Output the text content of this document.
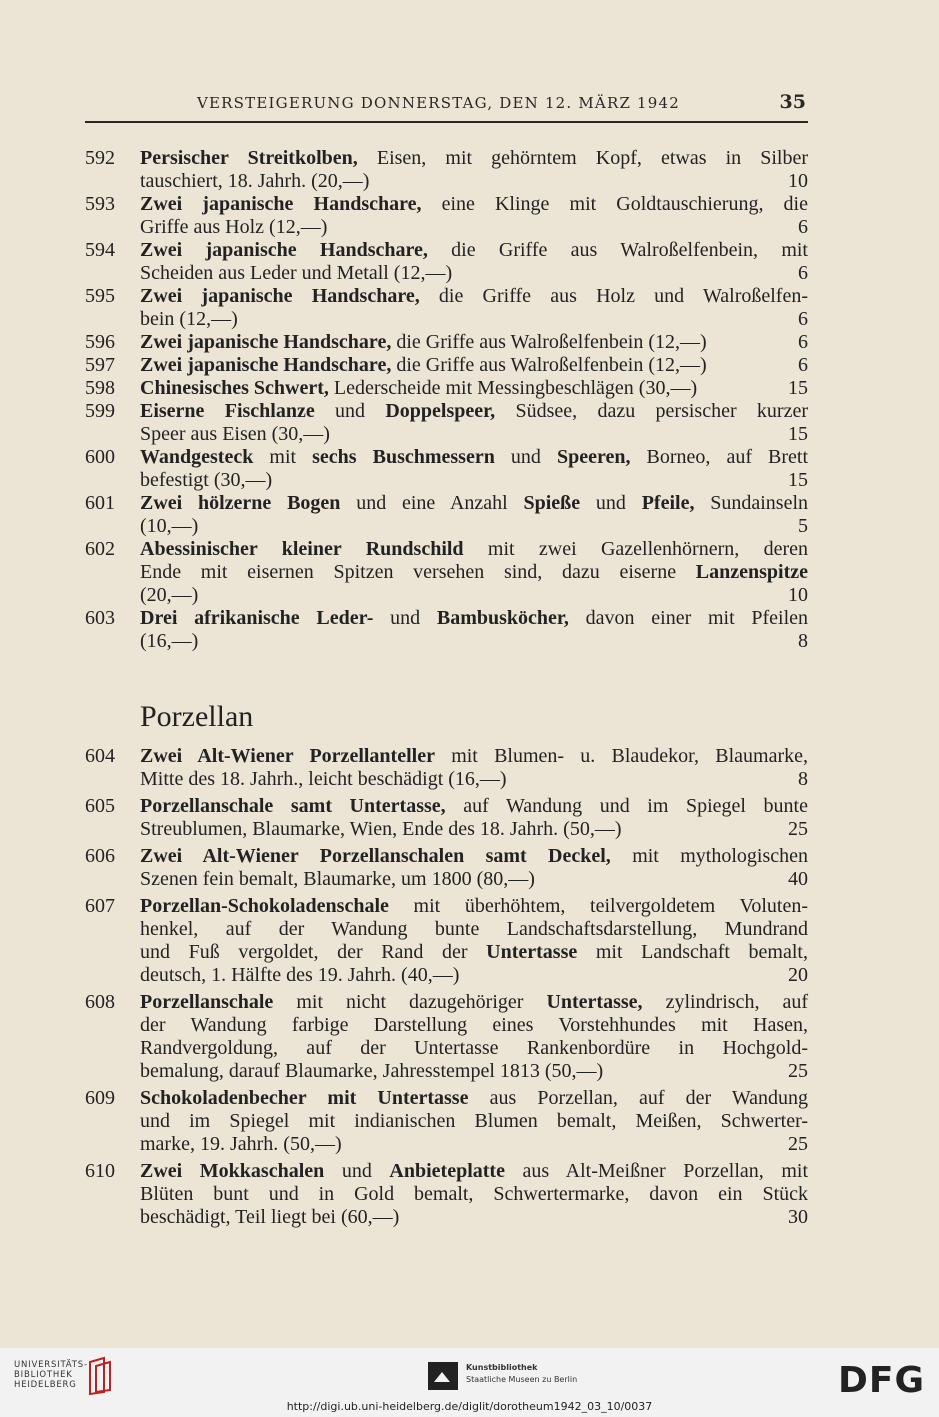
VERSTEIGERUNG DONNERSTAG, DEN 12. MÄRZ 1942	35
592 Persischer Streitkolben, Eisen, mit gehörntem Kopf, etwas in Silber
tauschiert, 18. Jahrh. (20,—)	10
593 Zwei japanische Handschare, eine Klinge mit Goldtauschierung, die
Griffe aus Holz (12,—)	6
594 Zwei japanische Handschare, die Griffe aus Walroßelfenbein, mit
Scheiden aus Leder und Metall (12,—)	6
595 Zwei japanische Handschare, die Griffe aus Holz und Walroßelfen-
bein (12,—)	6
596 Zwei japanische Handschare, die Griffe aus Walroßelfenbein (12,—)	6
597 Zwei japanische Handschare, die Griffe aus Walroßelfenbein (12,—)	6
598 Chinesisches Schwert, Lederscheide mit Messingbeschlägen (30,—)	15
599 Eiserne Fischlanze und Doppelspeer, Südsee, dazu persischer kurzer
Speer aus Eisen (30,—)	15
600 Wandgesteck mit sechs Buschmessern und Speeren, Borneo, auf Brett
befestigt (30,—)	15
601 Zwei hölzerne Bogen und eine Anzahl Spieße und Pfeile, Sundainseln
(10,—)	5
602 Abessinischer kleiner Rundschild mit zwei Gazellenhörnern, deren
Ende mit eisernen Spitzen versehen sind, dazu eiserne Lanzenspitze
(20,—)	10
603 Drei afrikanische Leder- und Bambusköcher, davon einer mit Pfeilen
(16,—)	8
Porzellan
604 Zwei Alt-Wiener Porzellanteller mit Blumen- u. Blaudekor, Blaumarke,
Mitte des 18. Jahrh., leicht beschädigt (16,—)	8
605 Porzellanschale samt Untertasse, auf Wandung und im Spiegel bunte
Streublumen, Blaumarke, Wien, Ende des 18. Jahrh. (50,—)	25
606 Zwei Alt-Wiener Porzellanschalen samt Deckel, mit mythologischen
Szenen fein bemalt, Blaumarke, um 1800 (80,—)	40
607 Porzellan-Schokoladenschale mit überhöhtem, teilvergoldetem Voluten-
henkel, auf der Wandung bunte Landschaftsdarstellung, Mundrand
und Fuß vergoldet, der Rand der Untertasse mit Landschaft bemalt,
deutsch, 1. Hälfte des 19. Jahrh. (40,—)	20
608 Porzellanschale mit nicht dazugehöriger Untertasse, zylindrisch, auf
der Wandung farbige Darstellung eines Vorstehhundes mit Hasen,
Randvergoldung, auf der Untertasse Rankenbordüre in Hochgold-
bemalung, darauf Blaumarke, Jahresstempel 1813 (50,—)	25
609 Schokoladenbecher mit Untertasse aus Porzellan, auf der Wandung
und im Spiegel mit indianischen Blumen bemalt, Meißen, Schwerter-
marke, 19. Jahrh. (50,—)	25
610 Zwei Mokkaschalen und Anbieteplatte aus Alt-Meißner Porzellan, mit
Blüten bunt und in Gold bemalt, Schwertermarke, davon ein Stück
beschädigt, Teil liegt bei (60,—)	30
UNIVERSITÄTS-
BIBLIOTHEK
HEIDELBERG
Kunstbibliothek
Staatliche Museen zu Berlin	DFG
http://digi.ub.uni-heidelberg.de/diglit/dorotheum1942_03_10/0037
